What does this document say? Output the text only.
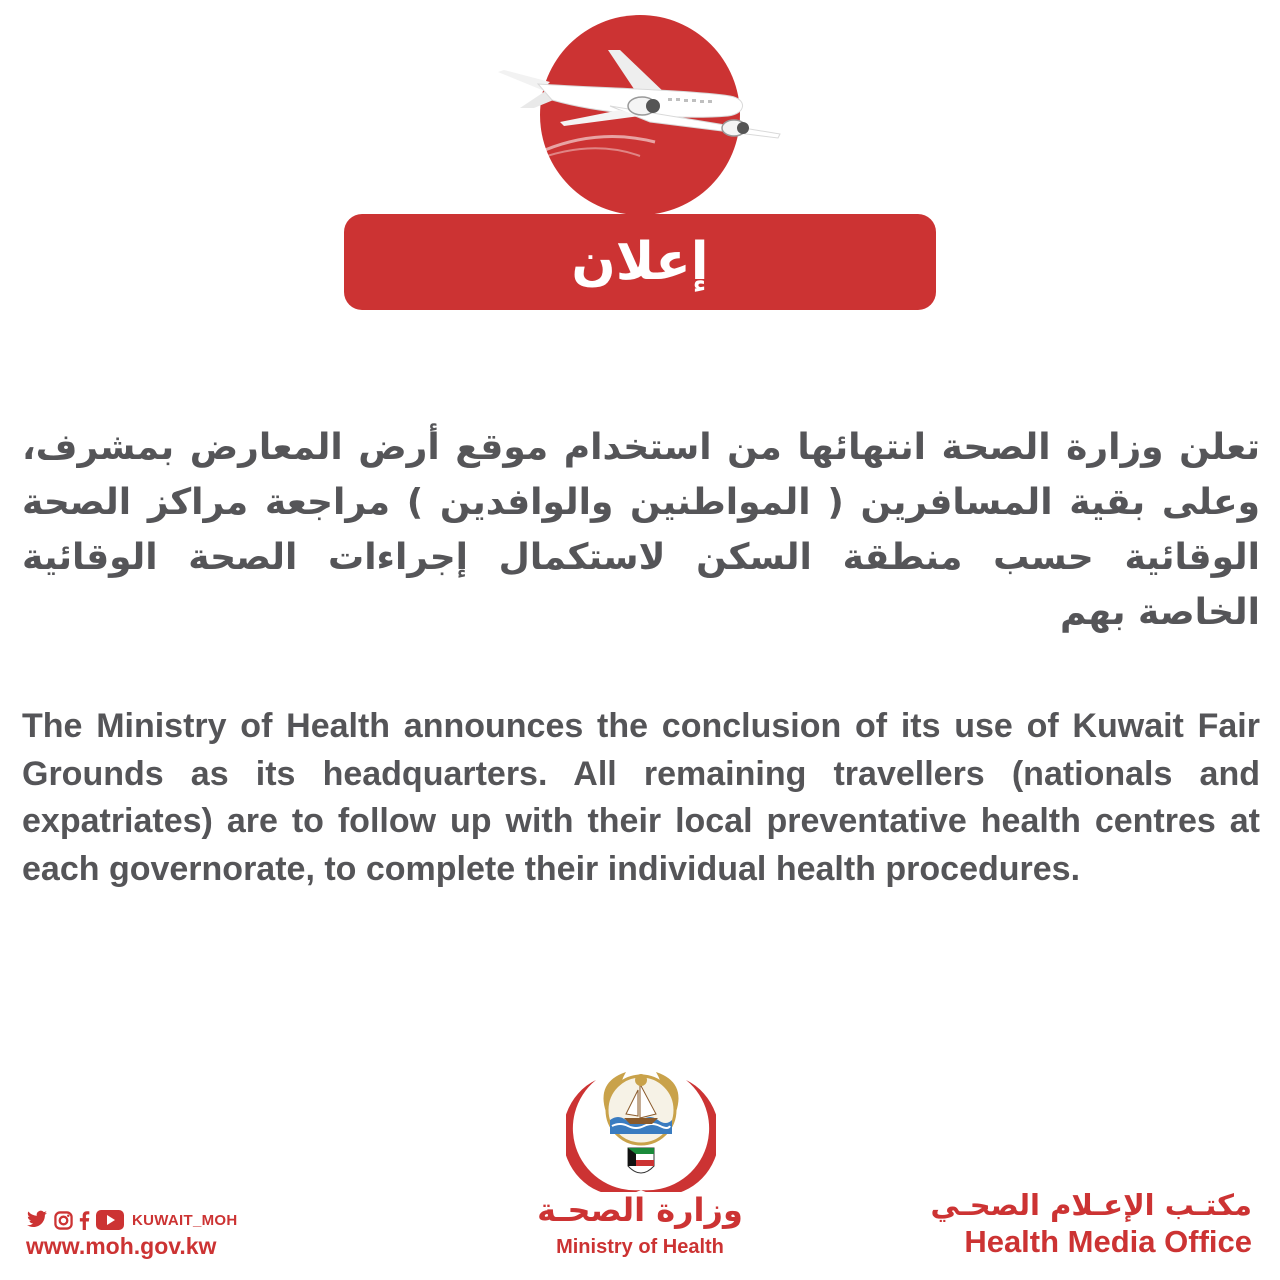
إعلان
تعلن وزارة الصحة انتهائها من استخدام موقع أرض المعارض بمشرف، وعلى بقية المسافرين ( المواطنين والوافدين ) مراجعة مراكز الصحة الوقائية حسب منطقة السكن لاستكمال إجراءات الصحة الوقائية الخاصة بهم
The Ministry of Health announces the conclusion of its use of Kuwait Fair Grounds as its headquarters. All remaining travellers (nationals and expatriates) are to follow up with their local preventative health centres at each governorate, to complete their individual health procedures.
وزارة الصحـة
Ministry of Health
KUWAIT_MOH
www.moh.gov.kw
مكتـب الإعـلام الصحـي
Health Media Office
